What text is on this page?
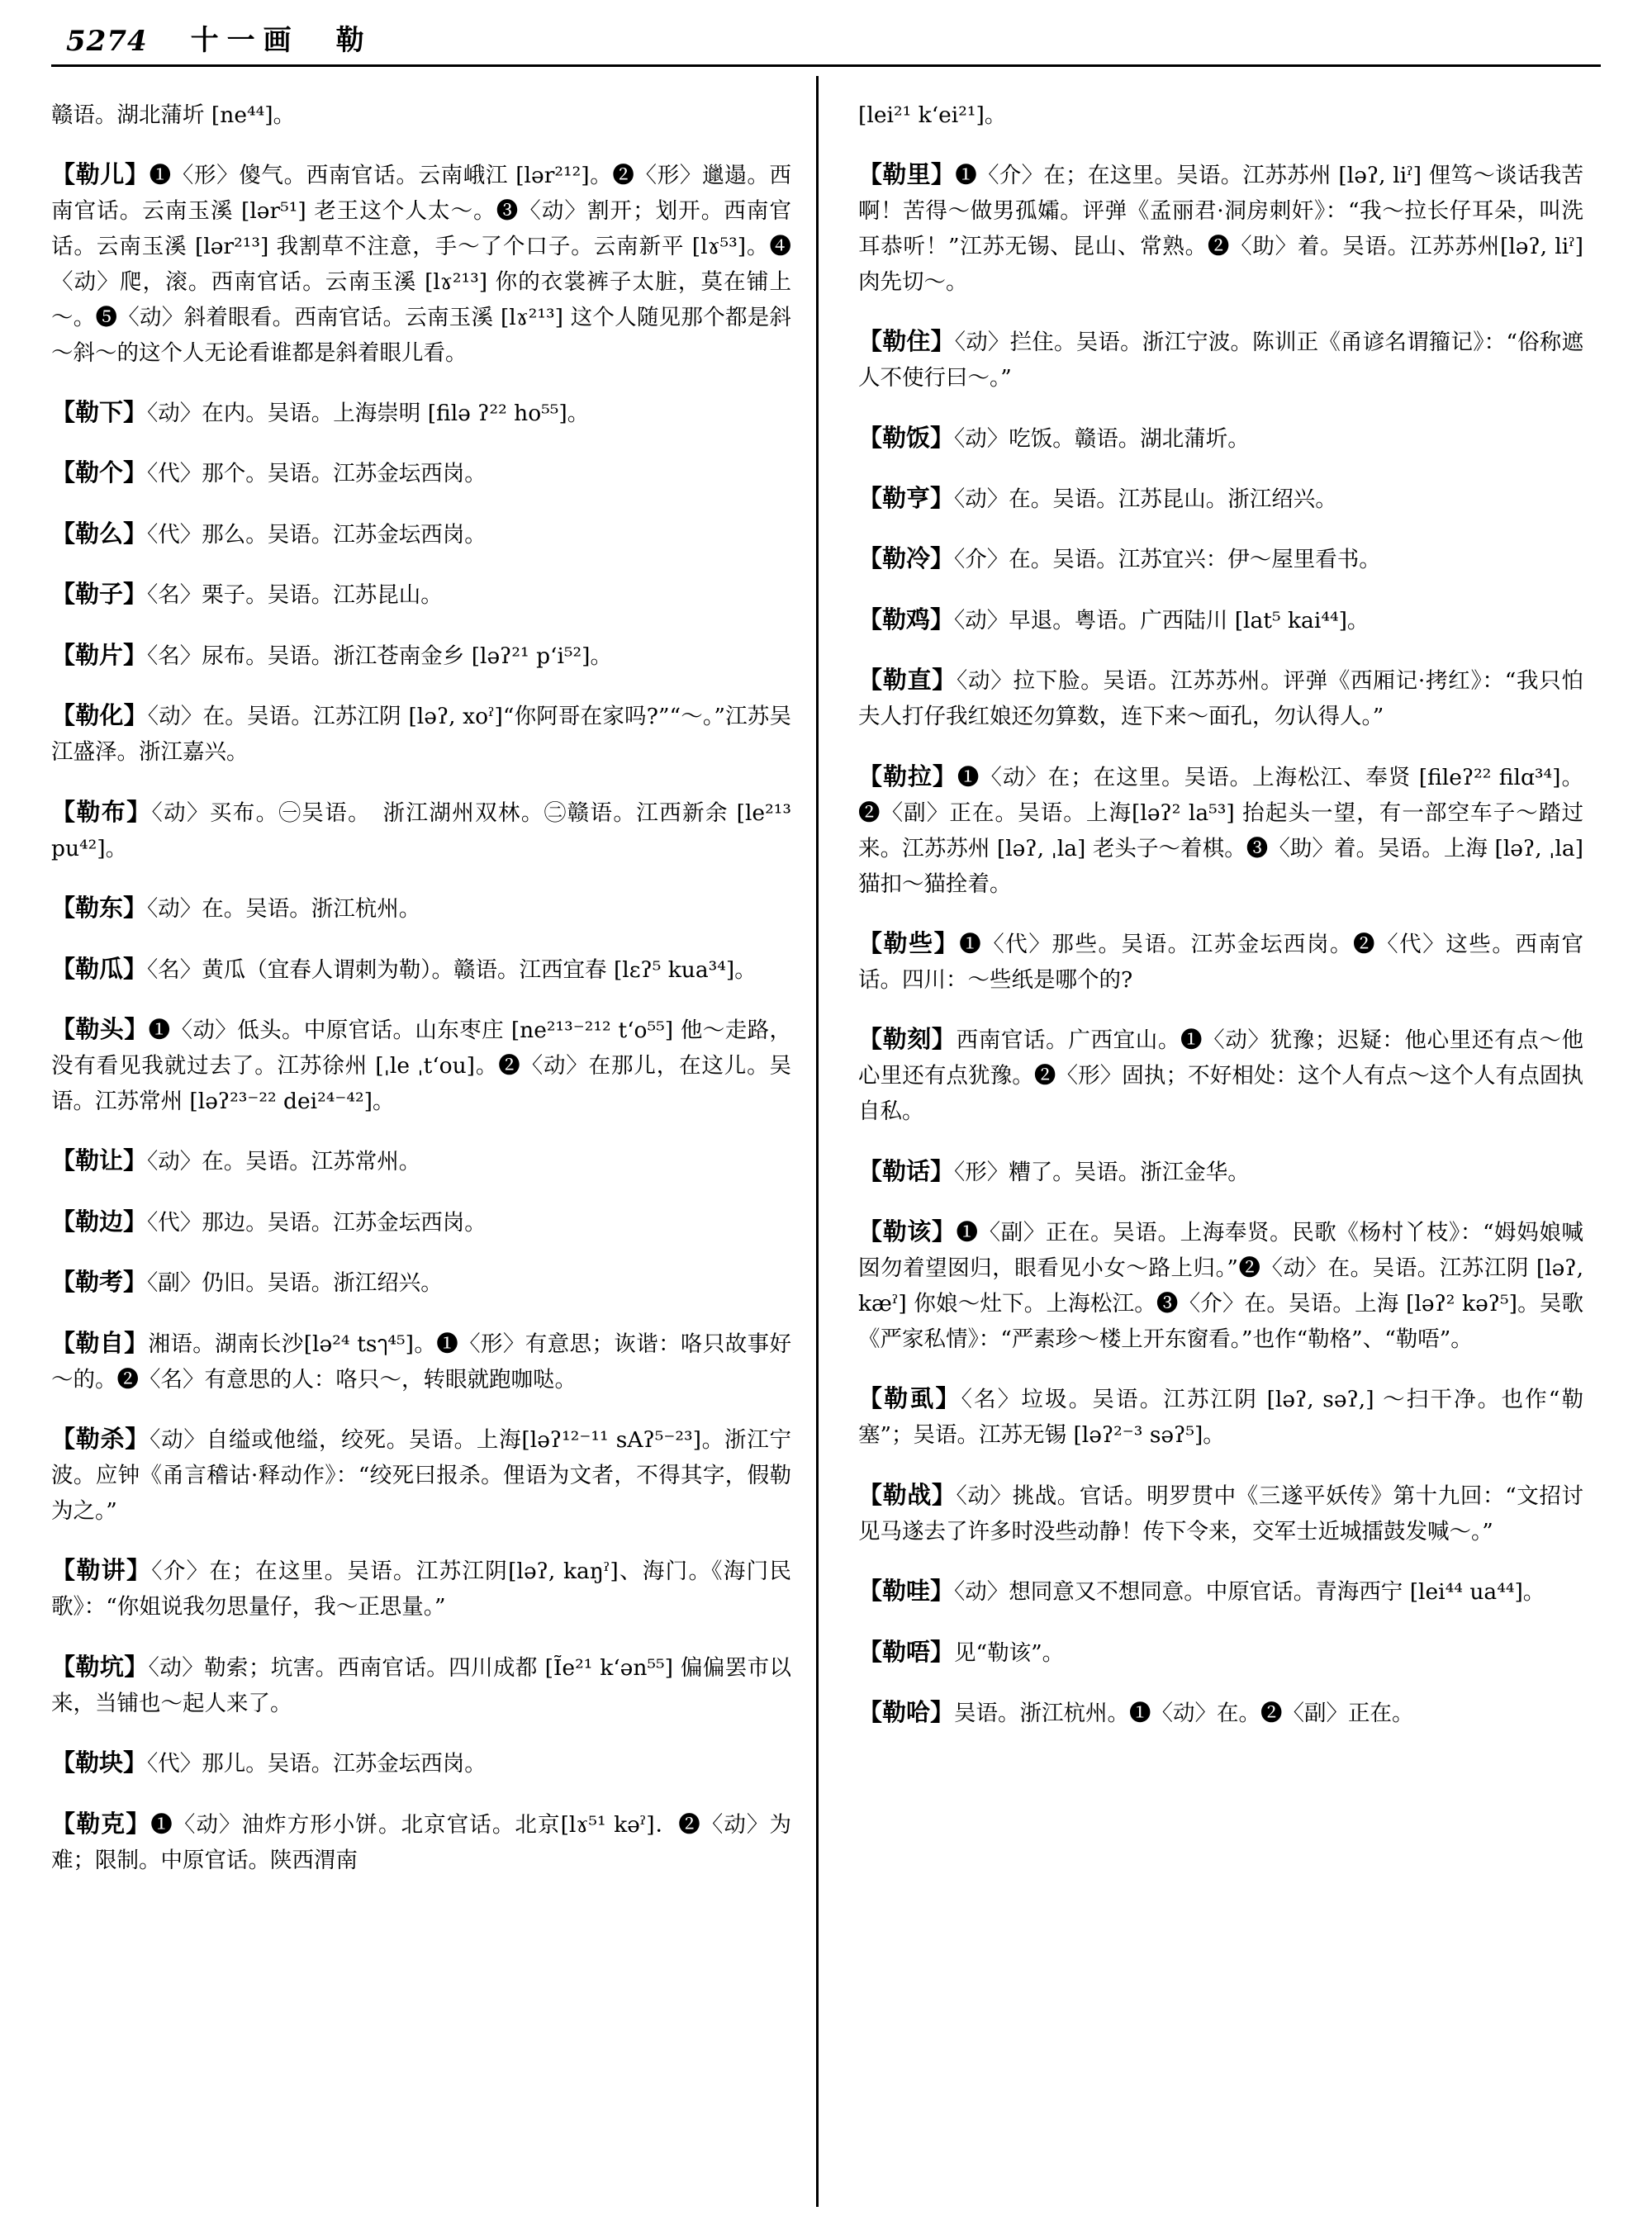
5274 十一画　勒

赣语。湖北蒲圻 [ne⁴⁴]。

【勒儿】❶〈形〉傻气。西南官话。云南峨江 [lər²¹²]。❷〈形〉邋遢。西南官话。云南玉溪 [lər⁵¹] 老王这个人太～。❸〈动〉割开；划开。西南官话。云南玉溪 [lər²¹³] 我割草不注意，手～了个口子。云南新平 [lɤ⁵³]。❹〈动〉爬，滚。西南官话。云南玉溪 [lɤ²¹³] 你的衣裳裤子太脏，莫在铺上～。❺〈动〉斜着眼看。西南官话。云南玉溪 [lɤ²¹³] 这个人随见那个都是斜～斜～的这个人无论看谁都是斜着眼儿看。

【勒下】〈动〉在内。吴语。上海崇明 [filə ʔ²² ho⁵⁵]。

【勒个】〈代〉那个。吴语。江苏金坛西岗。

【勒么】〈代〉那么。吴语。江苏金坛西岗。

【勒子】〈名〉栗子。吴语。江苏昆山。

【勒片】〈名〉尿布。吴语。浙江苍南金乡 [ləʔ²¹ pʻi⁵²]。

【勒化】〈动〉在。吴语。江苏江阴 [ləʔ, xoˀ]“你阿哥在家吗?”“～。”江苏吴江盛泽。浙江嘉兴。

【勒布】〈动〉买布。㊀吴语。　浙江湖州双林。㊁赣语。江西新余 [le²¹³ pu⁴²]。

【勒东】〈动〉在。吴语。浙江杭州。

【勒瓜】〈名〉黄瓜（宜春人谓刺为勒）。赣语。江西宜春 [lɛʔ⁵ kua³⁴]。

【勒头】❶〈动〉低头。中原官话。山东枣庄 [ne²¹³⁻²¹² tʻo⁵⁵] 他～走路，没有看见我就过去了。江苏徐州 [ˌle ˌtʻou]。❷〈动〉在那儿，在这儿。吴语。江苏常州 [ləʔ²³⁻²² dei²⁴⁻⁴²]。

【勒让】〈动〉在。吴语。江苏常州。

【勒边】〈代〉那边。吴语。江苏金坛西岗。

【勒考】〈副〉仍旧。吴语。浙江绍兴。

【勒自】湘语。湖南长沙[lə²⁴ tsๅ⁴⁵]。❶〈形〉有意思；诙谐：咯只故事好～的。❷〈名〉有意思的人：咯只～，转眼就跑咖哒。

【勒杀】〈动〉自缢或他缢，绞死。吴语。上海[ləʔ¹²⁻¹¹ sAʔ⁵⁻²³]。浙江宁波。应钟《甬言稽诂·释动作》：“绞死曰报杀。俚语为文者，不得其字，假勒为之。”

【勒讲】〈介〉在；在这里。吴语。江苏江阴[ləʔ, kaŋˀ]、海门。《海门民歌》：“你姐说我勿思量仔，我～正思量。”

【勒坑】〈动〉勒索；坑害。西南官话。四川成都 [Ĩe²¹ kʻən⁵⁵] 偏偏罢市以来，当铺也～起人来了。

【勒块】〈代〉那儿。吴语。江苏金坛西岗。

【勒克】❶〈动〉油炸方形小饼。北京官话。北京[lɤ⁵¹ kəˀ]．❷〈动〉为难；限制。中原官话。陕西渭南

[lei²¹ kʻei²¹]。

【勒里】❶〈介〉在；在这里。吴语。江苏苏州 [ləʔ, liˀ] 俚笃～谈话我苦啊！苦得～做男孤孀。评弹《孟丽君·洞房刺奸》：“我～拉长仔耳朵，叫洗耳恭听！”江苏无锡、昆山、常熟。❷〈助〉着。吴语。江苏苏州[ləʔ, liˀ] 肉先切～。

【勒住】〈动〉拦住。吴语。浙江宁波。陈训正《甬谚名谓籀记》：“俗称遮人不使行曰～。”

【勒饭】〈动〉吃饭。赣语。湖北蒲圻。

【勒亨】〈动〉在。吴语。江苏昆山。浙江绍兴。

【勒冷】〈介〉在。吴语。江苏宜兴：伊～屋里看书。

【勒鸡】〈动〉早退。粤语。广西陆川 [lat⁵ kai⁴⁴]。

【勒直】〈动〉拉下脸。吴语。江苏苏州。评弹《西厢记·拷红》：“我只怕夫人打仔我红娘还勿算数，连下来～面孔，勿认得人。”

【勒拉】❶〈动〉在；在这里。吴语。上海松江、奉贤 [fileʔ²² filɑ³⁴]。❷〈副〉正在。吴语。上海[ləʔ² la⁵³] 抬起头一望，有一部空车子～踏过来。江苏苏州 [ləʔ, ˌla] 老头子～着棋。❸〈助〉着。吴语。上海 [ləʔ, ˌla] 猫扣～猫拴着。

【勒些】❶〈代〉那些。吴语。江苏金坛西岗。❷〈代〉这些。西南官话。四川：～些纸是哪个的?

【勒刻】西南官话。广西宜山。❶〈动〉犹豫；迟疑：他心里还有点～他心里还有点犹豫。❷〈形〉固执；不好相处：这个人有点～这个人有点固执自私。

【勒话】〈形〉糟了。吴语。浙江金华。

【勒该】❶〈副〉正在。吴语。上海奉贤。民歌《杨村丫枝》：“姆妈娘喊囡勿着望囡归，眼看见小女～路上归。”❷〈动〉在。吴语。江苏江阴 [ləʔ, kæˀ] 你娘～灶下。上海松江。❸〈介〉在。吴语。上海 [ləʔ² kəʔ⁵]。吴歌《严家私情》：“严素珍～楼上开东窗看。”也作“勒格”、“勒唔”。

【勒虱】〈名〉垃圾。吴语。江苏江阴 [ləʔ, səʔ,] ～扫干净。也作“勒塞”；吴语。江苏无锡 [ləʔ²⁻³ səʔ⁵]。

【勒战】〈动〉挑战。官话。明罗贯中《三遂平妖传》第十九回：“文招讨见马遂去了许多时没些动静！传下令来，交军士近城擂鼓发喊～。”

【勒哇】〈动〉想同意又不想同意。中原官话。青海西宁 [lei⁴⁴ ua⁴⁴]。

【勒唔】见“勒该”。

【勒哈】吴语。浙江杭州。❶〈动〉在。❷〈副〉正在。
